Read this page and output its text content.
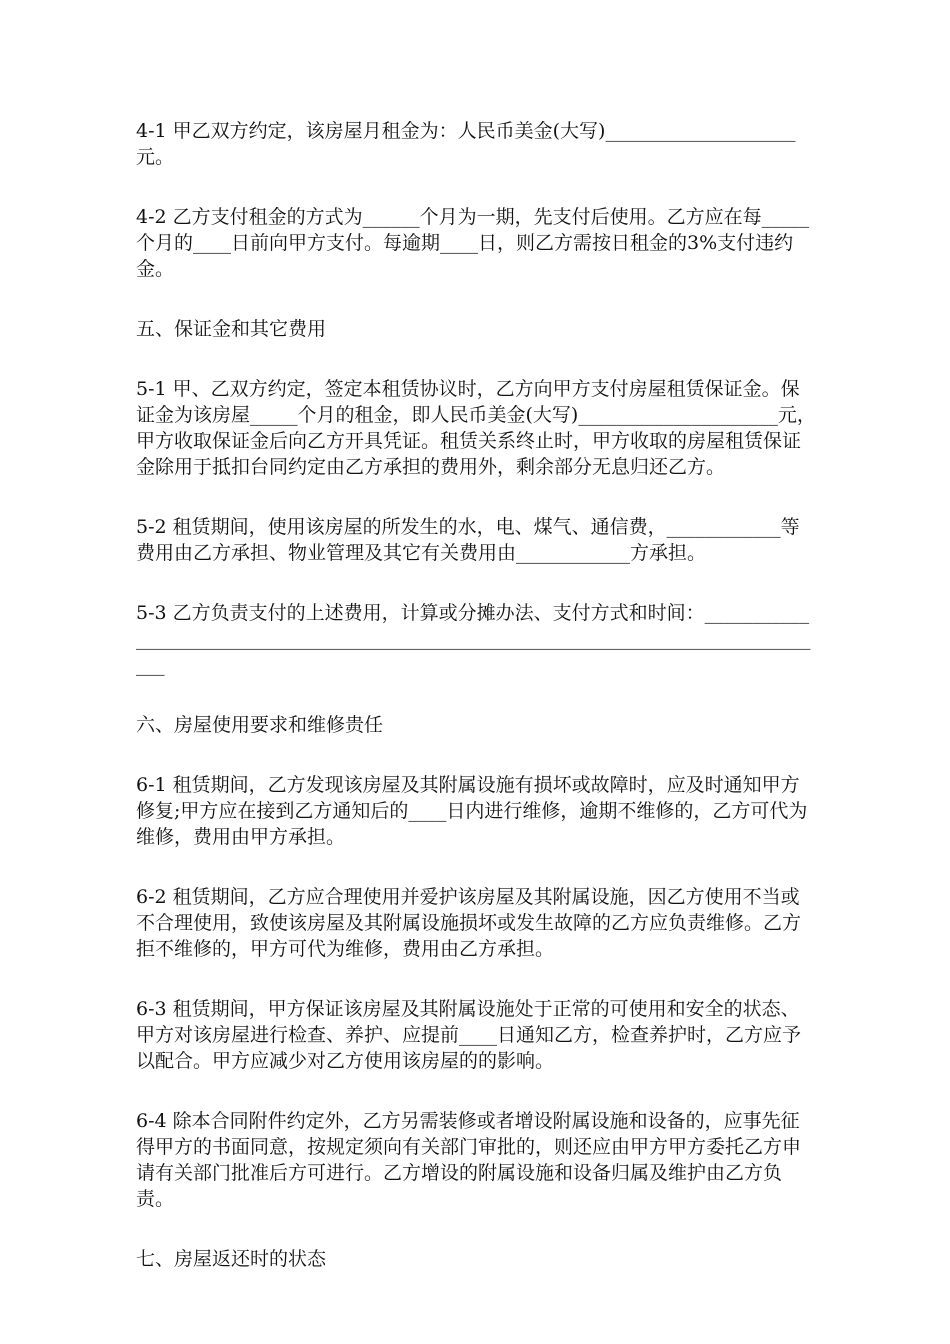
4-1 甲乙双方约定，该房屋月租金为：人民币美金(大写)____________________元。

4-2 乙方支付租金的方式为______个月为一期，先支付后使用。乙方应在每_____个月的____日前向甲方支付。每逾期____日，则乙方需按日租金的3%支付违约金。

五、保证金和其它费用

5-1 甲、乙双方约定，签定本租赁协议时，乙方向甲方支付房屋租赁保证金。保证金为该房屋_____个月的租金，即人民币美金(大写)_____________________元，甲方收取保证金后向乙方开具凭证。租赁关系终止时，甲方收取的房屋租赁保证金除用于抵扣台同约定由乙方承担的费用外，剩余部分无息归还乙方。

5-2 租赁期间，使用该房屋的所发生的水，电、煤气、通信费，____________等费用由乙方承担、物业管理及其它有关费用由____________方承担。

5-3 乙方负责支付的上述费用，计算或分摊办法、支付方式和时间：_____________________________________________________________________________________

六、房屋使用要求和维修贵任

6-1 租赁期间，乙方发现该房屋及其附属设施有损坏或故障时，应及时通知甲方修复;甲方应在接到乙方通知后的____日内进行维修，逾期不维修的，乙方可代为维修，费用由甲方承担。

6-2 租赁期间，乙方应合理使用并爱护该房屋及其附属设施，因乙方使用不当或不合理使用，致使该房屋及其附属设施损坏或发生故障的乙方应负责维修。乙方拒不维修的，甲方可代为维修，费用由乙方承担。

6-3 租赁期间，甲方保证该房屋及其附属设施处于正常的可使用和安全的状态、甲方对该房屋进行检查、养护、应提前____日通知乙方，检查养护时，乙方应予以配合。甲方应减少对乙方使用该房屋的的影响。

6-4 除本合同附件约定外，乙方另需装修或者增设附属设施和设备的，应事先征得甲方的书面同意，按规定须向有关部门审批的，则还应由甲方甲方委托乙方申请有关部门批准后方可进行。乙方增设的附属设施和设备归属及维护由乙方负责。

七、房屋返还时的状态
